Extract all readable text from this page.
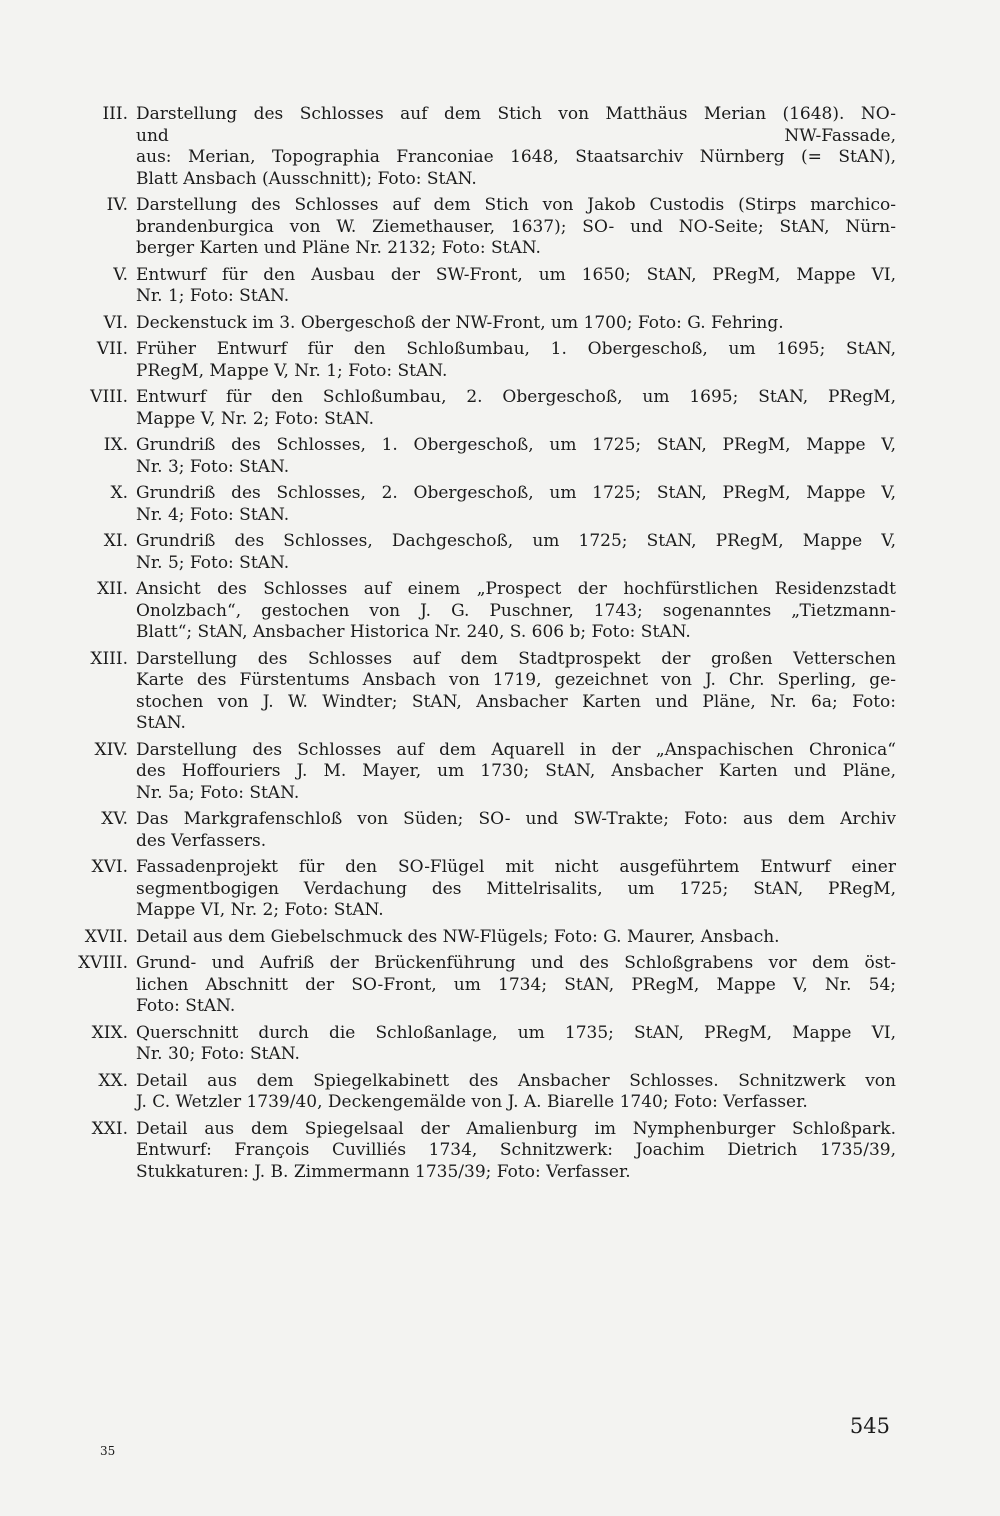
III. Darstellung des Schlosses auf dem Stich von Matthäus Merian (1648). NO-
und NW-Fassade,
aus: Merian, Topographia Franconiae 1648, Staatsarchiv Nürnberg (= StAN),
Blatt Ansbach (Ausschnitt); Foto: StAN.
IV. Darstellung des Schlosses auf dem Stich von Jakob Custodis (Stirps marchico-
brandenburgica von W. Ziemethauser, 1637); SO- und NO-Seite; StAN, Nürn-
berger Karten und Pläne Nr. 2132; Foto: StAN.
V. Entwurf für den Ausbau der SW-Front, um 1650; StAN, PRegM, Mappe VI,
Nr. 1; Foto: StAN.
VI. Deckenstuck im 3. Obergeschoß der NW-Front, um 1700; Foto: G. Fehring.
VII. Früher Entwurf für den Schloßumbau, 1. Obergeschoß, um 1695; StAN,
PRegM, Mappe V, Nr. 1; Foto: StAN.
VIII. Entwurf für den Schloßumbau, 2. Obergeschoß, um 1695; StAN, PRegM,
Mappe V, Nr. 2; Foto: StAN.
IX. Grundriß des Schlosses, 1. Obergeschoß, um 1725; StAN, PRegM, Mappe V,
Nr. 3; Foto: StAN.
X. Grundriß des Schlosses, 2. Obergeschoß, um 1725; StAN, PRegM, Mappe V,
Nr. 4; Foto: StAN.
XI. Grundriß des Schlosses, Dachgeschoß, um 1725; StAN, PRegM, Mappe V,
Nr. 5; Foto: StAN.
XII. Ansicht des Schlosses auf einem „Prospect der hochfürstlichen Residenzstadt
Onolzbach“, gestochen von J. G. Puschner, 1743; sogenanntes „Tietzmann-
Blatt“; StAN, Ansbacher Historica Nr. 240, S. 606 b; Foto: StAN.
XIII. Darstellung des Schlosses auf dem Stadtprospekt der großen Vetterschen
Karte des Fürstentums Ansbach von 1719, gezeichnet von J. Chr. Sperling, ge-
stochen von J. W. Windter; StAN, Ansbacher Karten und Pläne, Nr. 6a; Foto:
StAN.
XIV. Darstellung des Schlosses auf dem Aquarell in der „Anspachischen Chronica“
des Hoffouriers J. M. Mayer, um 1730; StAN, Ansbacher Karten und Pläne,
Nr. 5a; Foto: StAN.
XV. Das Markgrafenschloß von Süden; SO- und SW-Trakte; Foto: aus dem Archiv
des Verfassers.
XVI. Fassadenprojekt für den SO-Flügel mit nicht ausgeführtem Entwurf einer
segmentbogigen Verdachung des Mittelrisalits, um 1725; StAN, PRegM,
Mappe VI, Nr. 2; Foto: StAN.
XVII. Detail aus dem Giebelschmuck des NW-Flügels; Foto: G. Maurer, Ansbach.
XVIII. Grund- und Aufriß der Brückenführung und des Schloßgrabens vor dem öst-
lichen Abschnitt der SO-Front, um 1734; StAN, PRegM, Mappe V, Nr. 54;
Foto: StAN.
XIX. Querschnitt durch die Schloßanlage, um 1735; StAN, PRegM, Mappe VI,
Nr. 30; Foto: StAN.
XX. Detail aus dem Spiegelkabinett des Ansbacher Schlosses. Schnitzwerk von
J. C. Wetzler 1739/40, Deckengemälde von J. A. Biarelle 1740; Foto: Verfasser.
XXI. Detail aus dem Spiegelsaal der Amalienburg im Nymphenburger Schloßpark.
Entwurf: François Cuvilliés 1734, Schnitzwerk: Joachim Dietrich 1735/39,
Stukkaturen: J. B. Zimmermann 1735/39; Foto: Verfasser.
545
35
